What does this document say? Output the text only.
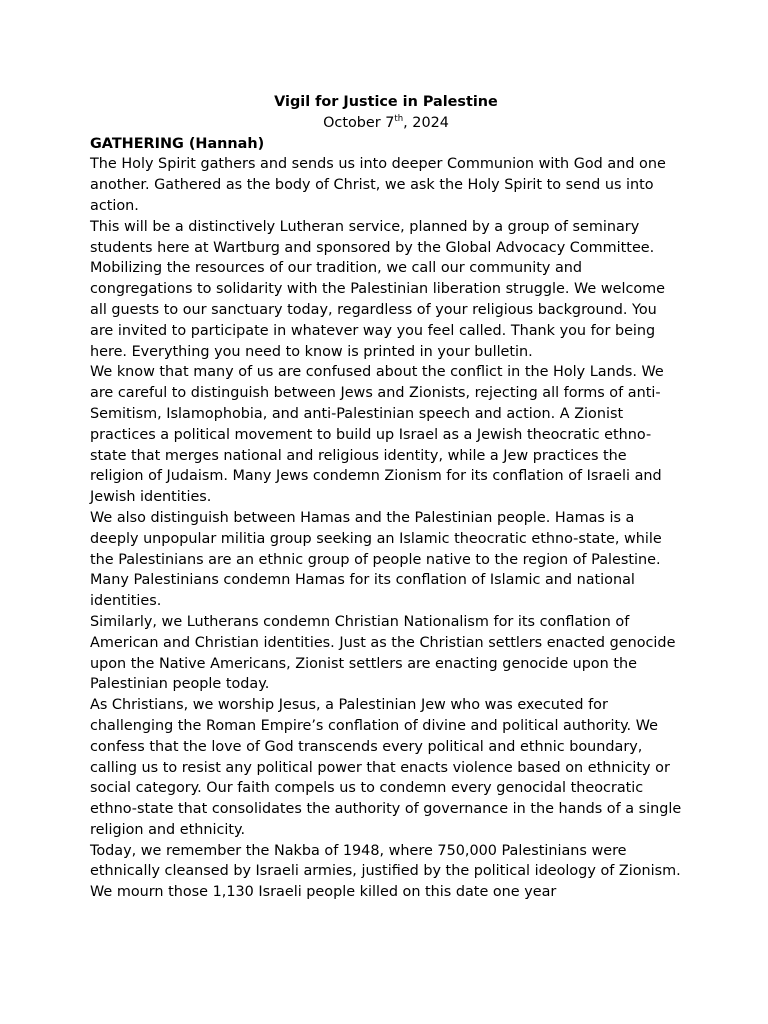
Vigil for Justice in Palestine

October 7th, 2024

GATHERING (Hannah)

The Holy Spirit gathers and sends us into deeper Communion with God and one another. Gathered as the body of Christ, we ask the Holy Spirit to send us into action.

This will be a distinctively Lutheran service, planned by a group of seminary students here at Wartburg and sponsored by the Global Advocacy Committee. Mobilizing the resources of our tradition, we call our community and congregations to solidarity with the Palestinian liberation struggle. We welcome all guests to our sanctuary today, regardless of your religious background. You are invited to participate in whatever way you feel called. Thank you for being here. Everything you need to know is printed in your bulletin.

We know that many of us are confused about the conflict in the Holy Lands. We are careful to distinguish between Jews and Zionists, rejecting all forms of anti-Semitism, Islamophobia, and anti-Palestinian speech and action. A Zionist practices a political movement to build up Israel as a Jewish theocratic ethno-state that merges national and religious identity, while a Jew practices the religion of Judaism. Many Jews condemn Zionism for its conflation of Israeli and Jewish identities.

We also distinguish between Hamas and the Palestinian people. Hamas is a deeply unpopular militia group seeking an Islamic theocratic ethno-state, while the Palestinians are an ethnic group of people native to the region of Palestine. Many Palestinians condemn Hamas for its conflation of Islamic and national identities.

Similarly, we Lutherans condemn Christian Nationalism for its conflation of American and Christian identities. Just as the Christian settlers enacted genocide upon the Native Americans, Zionist settlers are enacting genocide upon the Palestinian people today.

As Christians, we worship Jesus, a Palestinian Jew who was executed for challenging the Roman Empire’s conflation of divine and political authority. We confess that the love of God transcends every political and ethnic boundary, calling us to resist any political power that enacts violence based on ethnicity or social category. Our faith compels us to condemn every genocidal theocratic ethno-state that consolidates the authority of governance in the hands of a single religion and ethnicity.

Today, we remember the Nakba of 1948, where 750,000 Palestinians were ethnically cleansed by Israeli armies, justified by the political ideology of Zionism. We mourn those 1,130 Israeli people killed on this date one year
